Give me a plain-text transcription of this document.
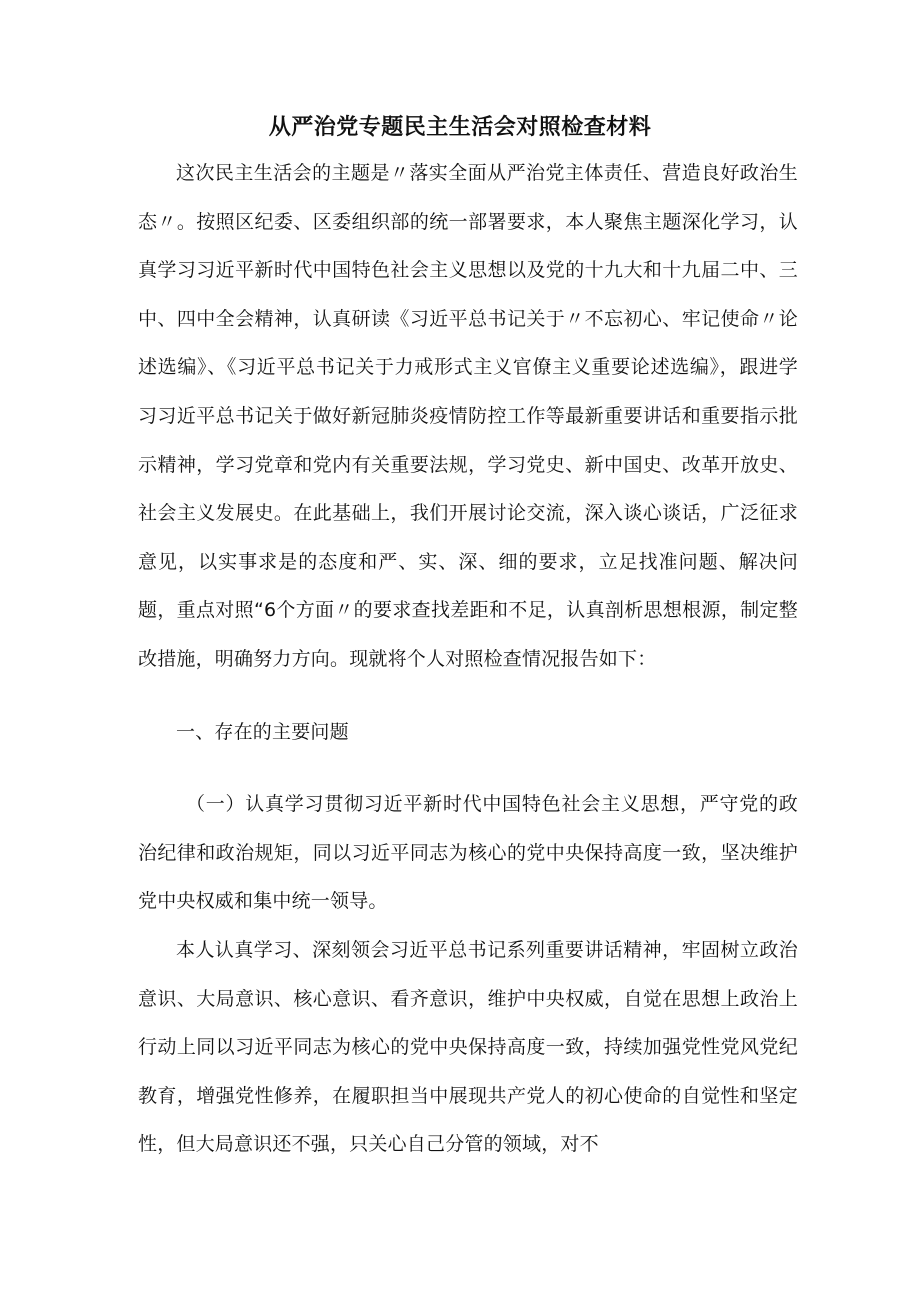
从严治党专题民主生活会对照检查材料

这次民主生活会的主题是〃落实全面从严治党主体责任、营造良好政治生态〃。按照区纪委、区委组织部的统一部署要求，本人聚焦主题深化学习，认真学习习近平新时代中国特色社会主义思想以及党的十九大和十九届二中、三中、四中全会精神，认真研读《习近平总书记关于〃不忘初心、牢记使命〃论述选编》、《习近平总书记关于力戒形式主义官僚主义重要论述选编》，跟进学习习近平总书记关于做好新冠肺炎疫情防控工作等最新重要讲话和重要指示批示精神，学习党章和党内有关重要法规，学习党史、新中国史、改革开放史、社会主义发展史。在此基础上，我们开展讨论交流，深入谈心谈话，广泛征求意见，以实事求是的态度和严、实、深、细的要求，立足找准问题、解决问题，重点对照“6个方面〃的要求查找差距和不足，认真剖析思想根源，制定整改措施，明确努力方向。现就将个人对照检查情况报告如下：

一、存在的主要问题

（一）认真学习贯彻习近平新时代中国特色社会主义思想，严守党的政治纪律和政治规矩，同以习近平同志为核心的党中央保持高度一致，坚决维护党中央权威和集中统一领导。

本人认真学习、深刻领会习近平总书记系列重要讲话精神，牢固树立政治意识、大局意识、核心意识、看齐意识，维护中央权威，自觉在思想上政治上行动上同以习近平同志为核心的党中央保持高度一致，持续加强党性党风党纪教育，增强党性修养，在履职担当中展现共产党人的初心使命的自觉性和坚定性，但大局意识还不强，只关心自己分管的领域，对不
